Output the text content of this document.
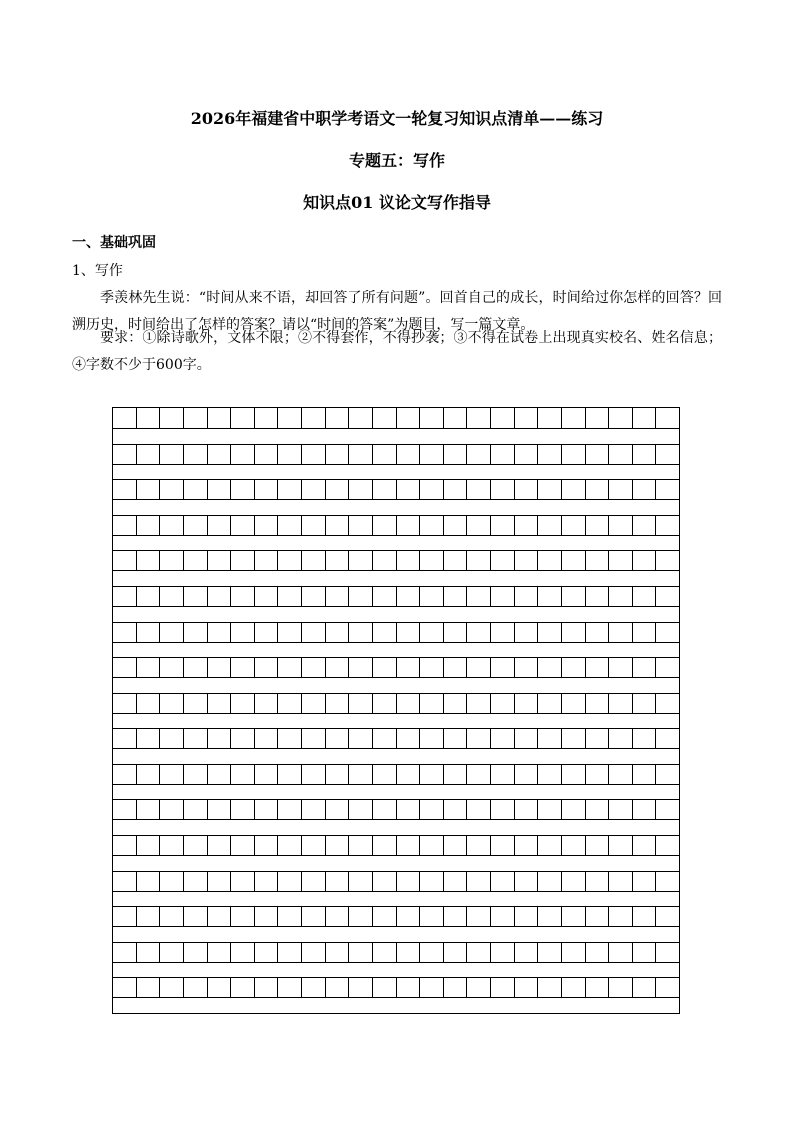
2026年福建省中职学考语文一轮复习知识点清单——练习
专题五：写作
知识点01 议论文写作指导
一、基础巩固
1、写作
季羡林先生说：“时间从来不语，却回答了所有问题”。回首自己的成长，时间给过你怎样的回答？回溯历史，时间给出了怎样的答案？请以“时间的答案”为题目，写一篇文章。
要求：①除诗歌外，文体不限；②不得套作，不得抄袭；③不得在试卷上出现真实校名、姓名信息；④字数不少于600字。
